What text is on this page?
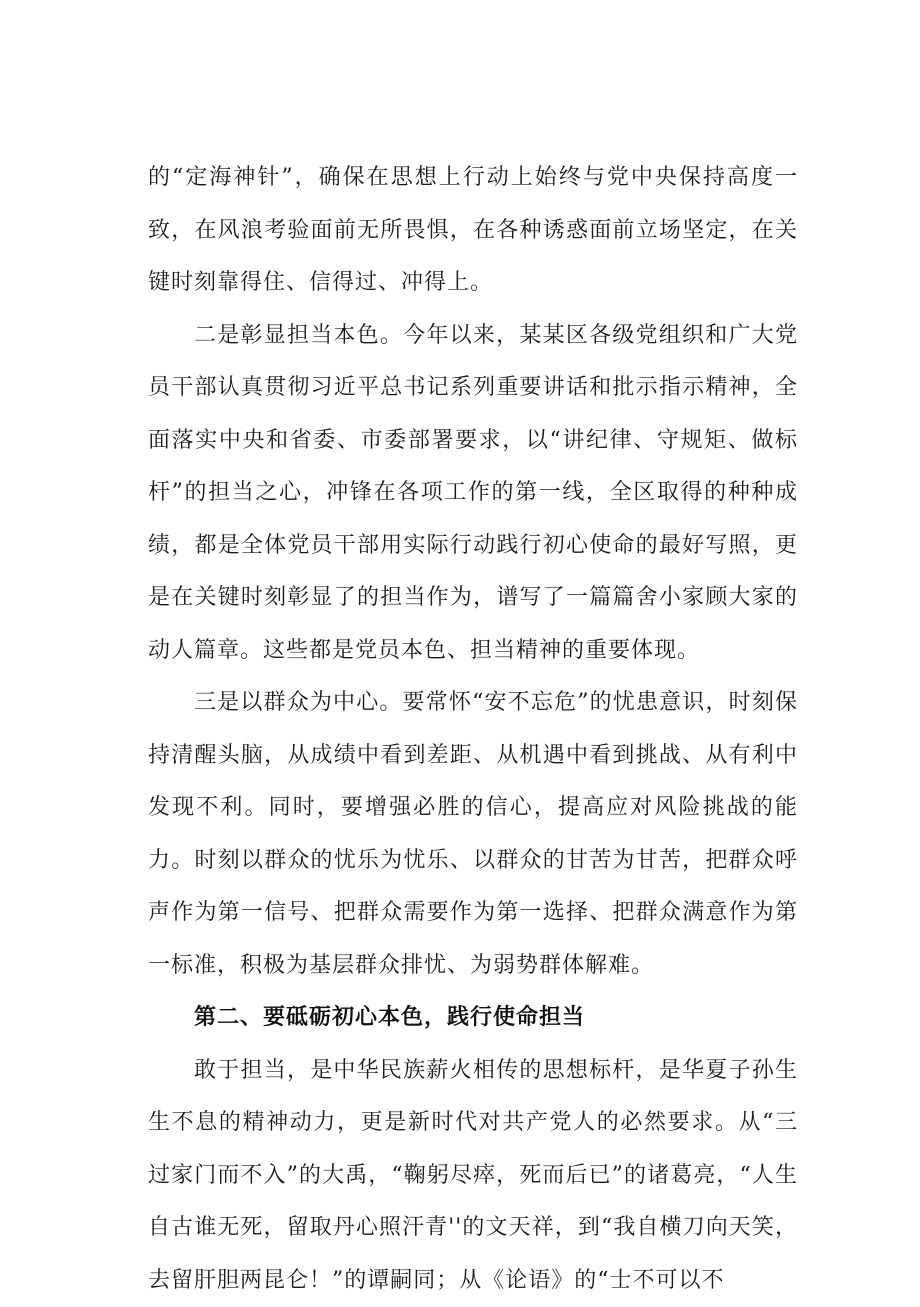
的“定海神针”，确保在思想上行动上始终与党中央保持高度一致，在风浪考验面前无所畏惧，在各种诱惑面前立场坚定，在关键时刻靠得住、信得过、冲得上。

二是彰显担当本色。今年以来，某某区各级党组织和广大党员干部认真贯彻习近平总书记系列重要讲话和批示指示精神，全面落实中央和省委、市委部署要求，以“讲纪律、守规矩、做标杆”的担当之心，冲锋在各项工作的第一线，全区取得的种种成绩，都是全体党员干部用实际行动践行初心使命的最好写照，更是在关键时刻彰显了的担当作为，谱写了一篇篇舍小家顾大家的动人篇章。这些都是党员本色、担当精神的重要体现。

三是以群众为中心。要常怀“安不忘危”的忧患意识，时刻保持清醒头脑，从成绩中看到差距、从机遇中看到挑战、从有利中发现不利。同时，要增强必胜的信心，提高应对风险挑战的能力。时刻以群众的忧乐为忧乐、以群众的甘苦为甘苦，把群众呼声作为第一信号、把群众需要作为第一选择、把群众满意作为第一标准，积极为基层群众排忧、为弱势群体解难。

第二、要砥砺初心本色，践行使命担当

敢于担当，是中华民族薪火相传的思想标杆，是华夏子孙生生不息的精神动力，更是新时代对共产党人的必然要求。从“三过家门而不入”的大禹，“鞠躬尽瘁，死而后已”的诸葛亮，“人生自古谁无死，留取丹心照汗青''的文天祥，到“我自横刀向天笑，去留肝胆两昆仑！”的谭嗣同；从《论语》的“士不可以不
